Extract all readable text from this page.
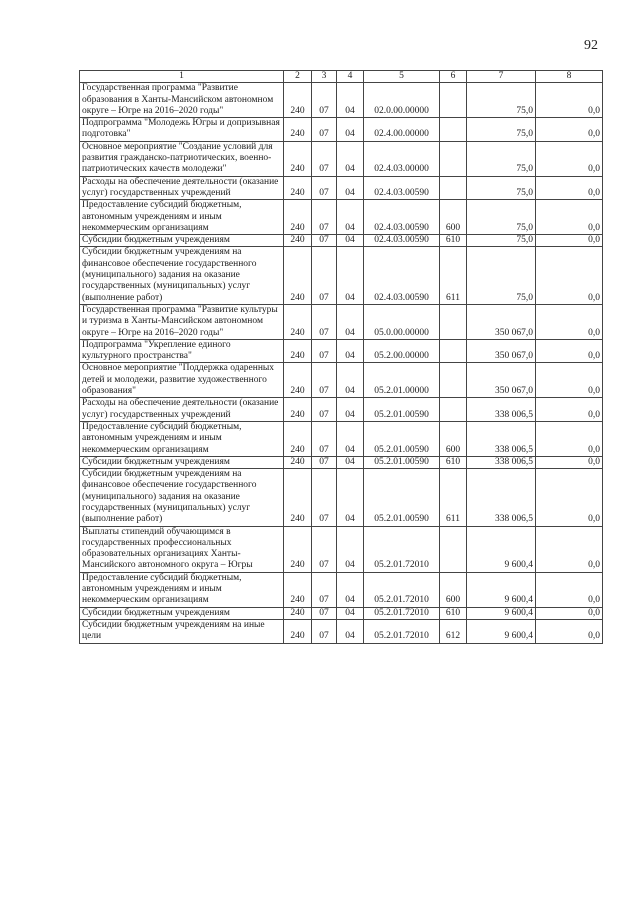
92
1	2	3	4	5	6	7	8
Государственная программа "Развитие образования в Ханты-Мансийском автономном округе – Югре на 2016–2020 годы"	240	07	04	02.0.00.00000		75,0	0,0
Подпрограмма "Молодежь Югры и допризывная подготовка"	240	07	04	02.4.00.00000		75,0	0,0
Основное мероприятие "Создание условий для развития гражданско-патриотических, военно-патриотических качеств молодежи"	240	07	04	02.4.03.00000		75,0	0,0
Расходы на обеспечение деятельности (оказание услуг) государственных учреждений	240	07	04	02.4.03.00590		75,0	0,0
Предоставление субсидий бюджетным, автономным учреждениям и иным некоммерческим организациям	240	07	04	02.4.03.00590	600	75,0	0,0
Субсидии бюджетным учреждениям	240	07	04	02.4.03.00590	610	75,0	0,0
Субсидии бюджетным учреждениям на финансовое обеспечение государственного (муниципального) задания на оказание государственных (муниципальных) услуг (выполнение работ)	240	07	04	02.4.03.00590	611	75,0	0,0
Государственная программа "Развитие культуры и туризма в Ханты-Мансийском автономном округе – Югре на 2016–2020 годы"	240	07	04	05.0.00.00000		350 067,0	0,0
Подпрограмма "Укрепление единого культурного пространства"	240	07	04	05.2.00.00000		350 067,0	0,0
Основное мероприятие "Поддержка одаренных детей и молодежи, развитие художественного образования"	240	07	04	05.2.01.00000		350 067,0	0,0
Расходы на обеспечение деятельности (оказание услуг) государственных учреждений	240	07	04	05.2.01.00590		338 006,5	0,0
Предоставление субсидий бюджетным, автономным учреждениям и иным некоммерческим организациям	240	07	04	05.2.01.00590	600	338 006,5	0,0
Субсидии бюджетным учреждениям	240	07	04	05.2.01.00590	610	338 006,5	0,0
Субсидии бюджетным учреждениям на финансовое обеспечение государственного (муниципального) задания на оказание государственных (муниципальных) услуг (выполнение работ)	240	07	04	05.2.01.00590	611	338 006,5	0,0
Выплаты стипендий обучающимся в государственных профессиональных образовательных организациях Ханты-Мансийского автономного округа – Югры	240	07	04	05.2.01.72010		9 600,4	0,0
Предоставление субсидий бюджетным, автономным учреждениям и иным некоммерческим организациям	240	07	04	05.2.01.72010	600	9 600,4	0,0
Субсидии бюджетным учреждениям	240	07	04	05.2.01.72010	610	9 600,4	0,0
Субсидии бюджетным учреждениям на иные цели	240	07	04	05.2.01.72010	612	9 600,4	0,0
